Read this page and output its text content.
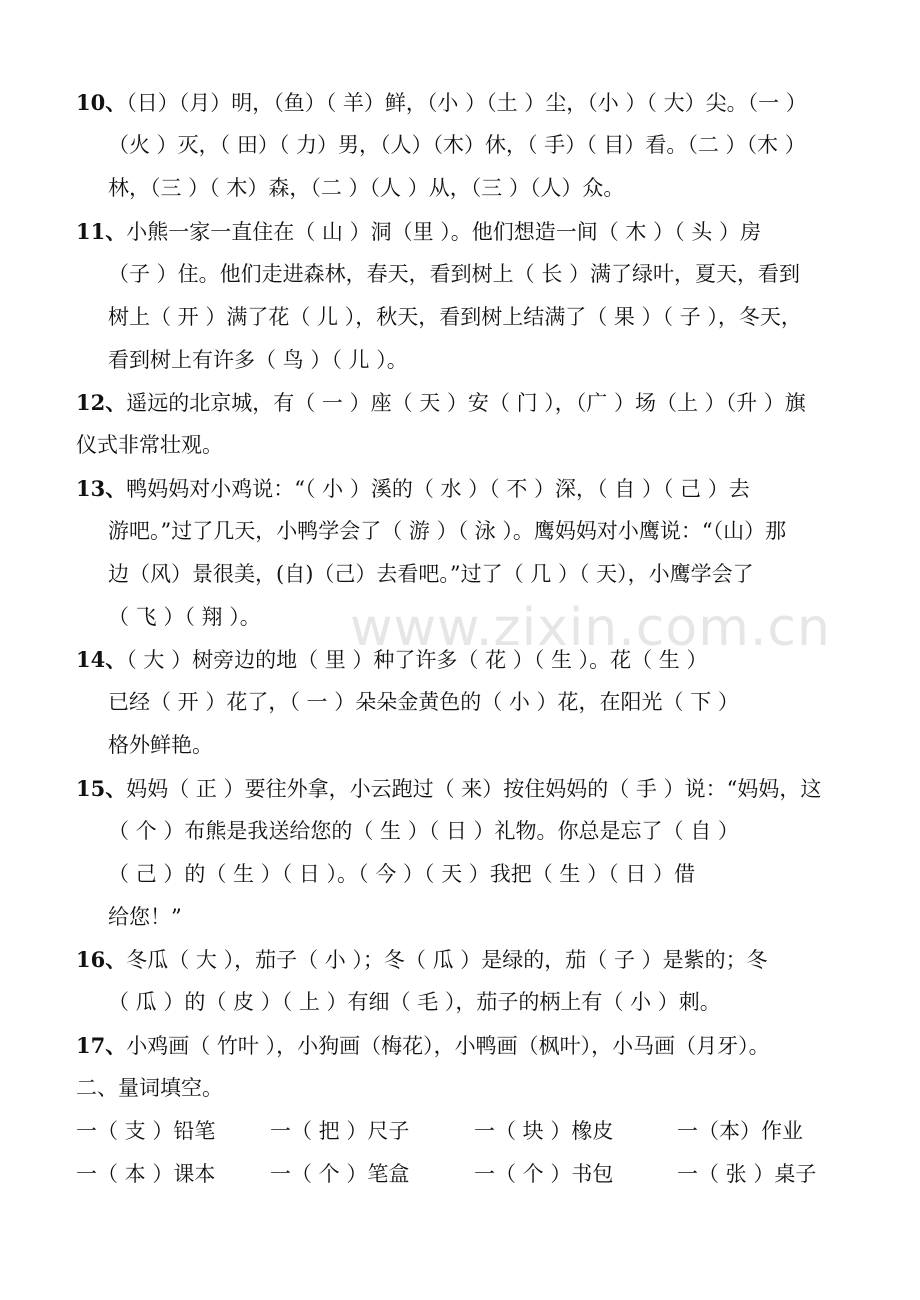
10、（日）（月）明，（鱼）（ 羊）鲜，（小 ）（土 ）尘，（小 ）（ 大）尖。（一 ）
（火 ）灭，（ 田）（ 力）男，（人）（木）休，（ 手）（ 目）看。（二 ）（木 ）
林，（三 ）（ 木）森，（二 ）（人 ）从，（三 ）（人）众。
11、小熊一家一直住在（ 山 ）洞（里 ）。他们想造一间（ 木 ）（ 头 ）房
（子 ）住。他们走进森林，春天，看到树上（ 长 ）满了绿叶，夏天，看到
树上（ 开 ）满了花（ 儿 ），秋天，看到树上结满了（ 果 ）（ 子 ），冬天，
看到树上有许多（ 鸟 ）（ 儿 ）。
12、遥远的北京城，有（ 一 ）座（ 天 ）安（ 门 ），（广 ）场（上 ）（升 ）旗
仪式非常壮观。
13、鸭妈妈对小鸡说：“（ 小 ）溪的（ 水 ）（ 不 ）深，（ 自 ）（ 己 ）去
游吧。”过了几天，小鸭学会了（ 游 ）（ 泳 ）。鹰妈妈对小鹰说：“（山）那
边（风）景很美，(自)（己）去看吧。”过了（ 几 ）（ 天），小鹰学会了
（ 飞 ）（ 翔 ）。
14、（ 大 ）树旁边的地（ 里 ）种了许多（ 花 ）（ 生 ）。花（ 生 ）
已经（ 开 ）花了，（ 一 ）朵朵金黄色的（ 小 ）花，在阳光（ 下 ）
格外鲜艳。
15、妈妈（ 正 ）要往外拿，小云跑过（ 来）按住妈妈的（ 手 ）说：“妈妈，这
（ 个 ）布熊是我送给您的（ 生 ）（ 日 ）礼物。你总是忘了（ 自 ）
（ 己 ）的（ 生 ）（ 日 ）。（ 今 ）（ 天 ）我把（ 生 ）（ 日 ）借
给您！”
16、冬瓜（ 大 ），茄子（ 小 ）；冬（ 瓜 ）是绿的，茄（ 子 ）是紫的；冬
（ 瓜 ）的（ 皮 ）（ 上 ）有细（ 毛 ），茄子的柄上有（ 小 ）刺。
17、小鸡画（ 竹叶 ），小狗画（梅花），小鸭画（枫叶），小马画（月牙）。
二、量词填空。
一（ 支 ）铅笔	一（ 把 ）尺子	一（ 块 ）橡皮	一（本）作业
一（ 本 ）课本	一（ 个 ）笔盒	一（ 个 ）书包	一（ 张 ）桌子
www.zixin.com.cn
